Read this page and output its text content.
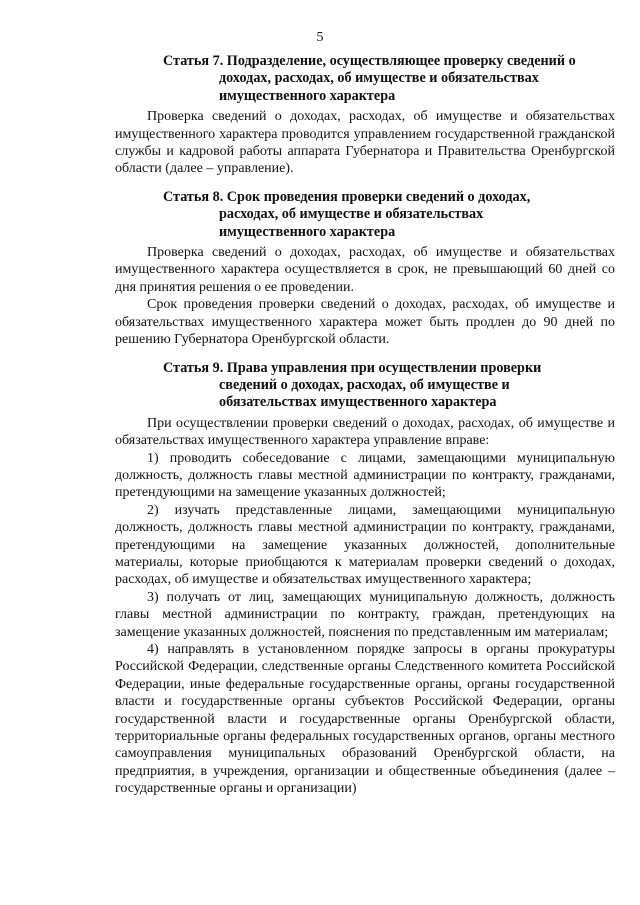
5
Статья 7. Подразделение, осуществляющее проверку сведений о
доходах, расходах, об имуществе и обязательствах
имущественного характера

Проверка сведений о доходах, расходах, об имуществе и обязательствах имущественного характера проводится управлением государственной гражданской службы и кадровой работы аппарата Губернатора и Правительства Оренбургской области (далее – управление).

Статья 8. Срок проведения проверки сведений о доходах,
расходах, об имуществе и обязательствах
имущественного характера

Проверка сведений о доходах, расходах, об имуществе и обязательствах имущественного характера осуществляется в срок, не превышающий 60 дней со дня принятия решения о ее проведении.

Срок проведения проверки сведений о доходах, расходах, об имуществе и обязательствах имущественного характера может быть продлен до 90 дней по решению Губернатора Оренбургской области.

Статья 9. Права управления при осуществлении проверки
сведений о доходах, расходах, об имуществе и
обязательствах имущественного характера

При осуществлении проверки сведений о доходах, расходах, об имуществе и обязательствах имущественного характера управление вправе:

1) проводить собеседование с лицами, замещающими муниципальную должность, должность главы местной администрации по контракту, гражданами, претендующими на замещение указанных должностей;

2) изучать представленные лицами, замещающими муниципальную должность, должность главы местной администрации по контракту, гражданами, претендующими на замещение указанных должностей, дополнительные материалы, которые приобщаются к материалам проверки сведений о доходах, расходах, об имуществе и обязательствах имущественного характера;

3) получать от лиц, замещающих муниципальную должность, должность главы местной администрации по контракту, граждан, претендующих на замещение указанных должностей, пояснения по представленным им материалам;

4) направлять в установленном порядке запросы в органы прокуратуры Российской Федерации, следственные органы Следственного комитета Российской Федерации, иные федеральные государственные органы, органы государственной власти и государственные органы субъектов Российской Федерации, органы государственной власти и государственные органы Оренбургской области, территориальные органы федеральных государственных органов, органы местного самоуправления муниципальных образований Оренбургской области, на предприятия, в учреждения, организации и общественные объединения (далее – государственные органы и организации)
